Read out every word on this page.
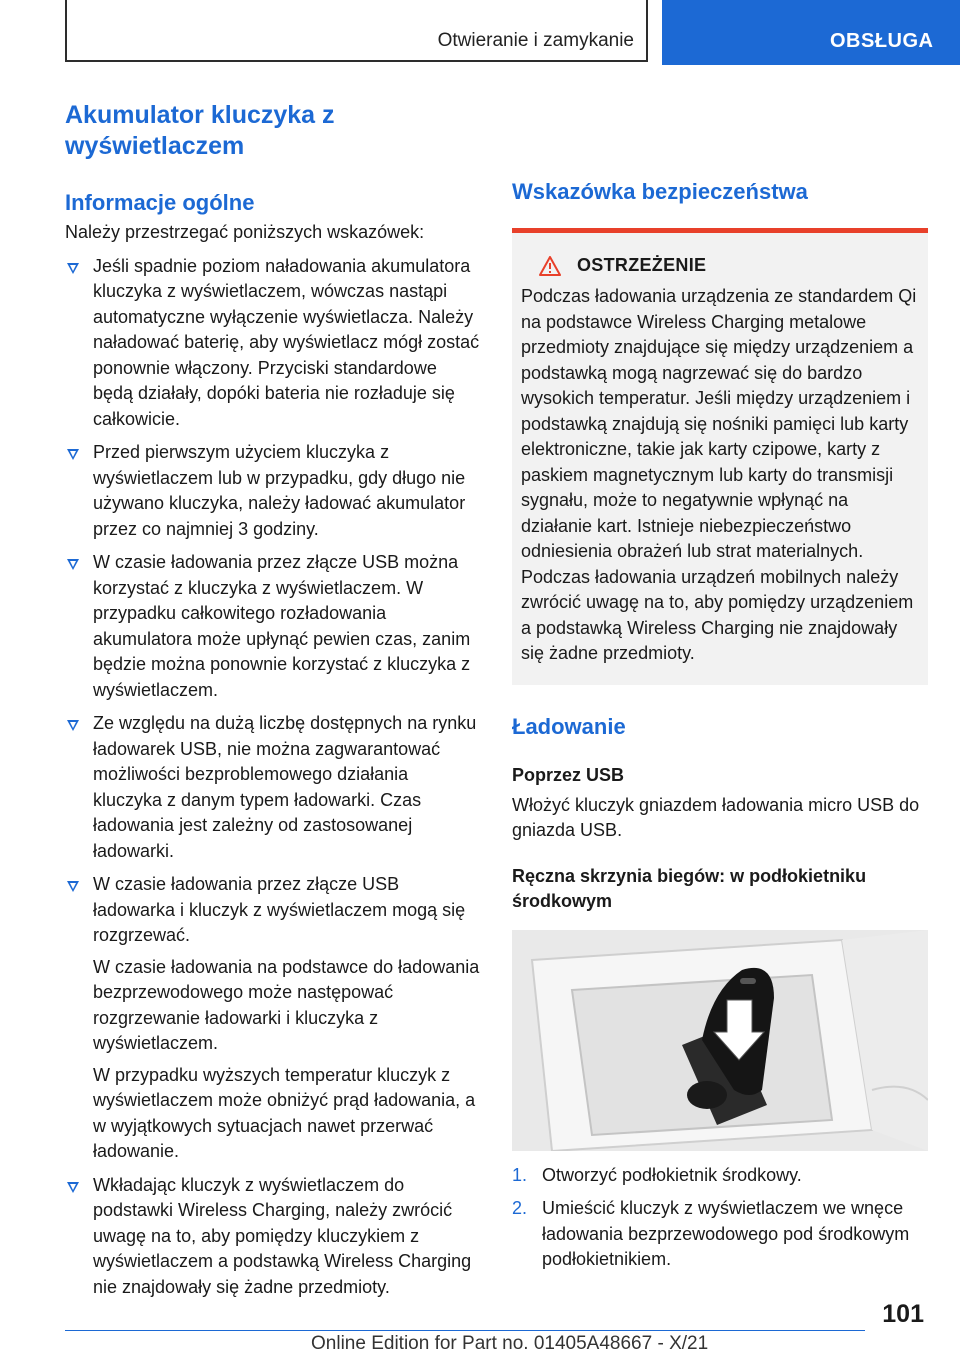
Otwieranie i zamykanie	OBSŁUGA
Akumulator kluczyka z wyświetlaczem
Informacje ogólne

Należy przestrzegać poniższych wskazówek:

Jeśli spadnie poziom naładowania akumulatora kluczyka z wyświetlaczem, wówczas nastąpi automatyczne wyłączenie wyświetlacza. Należy naładować baterię, aby wyświetlacz mógł zostać ponownie włączony. Przyciski standardowe będą działały, dopóki bateria nie rozładuje się całkowicie.
Przed pierwszym użyciem kluczyka z wyświetlaczem lub w przypadku, gdy długo nie używano kluczyka, należy ładować akumulator przez co najmniej 3 godziny.
W czasie ładowania przez złącze USB można korzystać z kluczyka z wyświetlaczem. W przypadku całkowitego rozładowania akumulatora może upłynąć pewien czas, zanim będzie można ponownie korzystać z kluczyka z wyświetlaczem.
Ze względu na dużą liczbę dostępnych na rynku ładowarek USB, nie można zagwarantować możliwości bezproblemowego działania kluczyka z danym typem ładowarki. Czas ładowania jest zależny od zastosowanej ładowarki.
W czasie ładowania przez złącze USB ładowarka i kluczyk z wyświetlaczem mogą się rozgrzewać.
W czasie ładowania na podstawce do ładowania bezprzewodowego może następować rozgrzewanie ładowarki i kluczyka z wyświetlaczem.
W przypadku wyższych temperatur kluczyk z wyświetlaczem może obniżyć prąd ładowania, a w wyjątkowych sytuacjach nawet przerwać ładowanie.
Wkładając kluczyk z wyświetlaczem do podstawki Wireless Charging, należy zwrócić uwagę na to, aby pomiędzy kluczykiem z wyświetlaczem a podstawką Wireless Charging nie znajdowały się żadne przedmioty.
Wskazówka bezpieczeństwa
OSTRZEŻENIE

Podczas ładowania urządzenia ze standardem Qi na podstawce Wireless Charging metalowe przedmioty znajdujące się między urządzeniem a podstawką mogą nagrzewać się do bardzo wysokich temperatur. Jeśli między urządzeniem i podstawką znajdują się nośniki pamięci lub karty elektroniczne, takie jak karty czipowe, karty z paskiem magnetycznym lub karty do transmisji sygnału, może to negatywnie wpłynąć na działanie kart. Istnieje niebezpieczeństwo odniesienia obrażeń lub strat materialnych. Podczas ładowania urządzeń mobilnych należy zwrócić uwagę na to, aby pomiędzy urządzeniem a podstawką Wireless Charging nie znajdowały się żadne przedmioty.

Ładowanie
Poprzez USB

Włożyć kluczyk gniazdem ładowania micro USB do gniazda USB.

Ręczna skrzynia biegów: w podłokietniku środkowym
1. Otworzyć podłokietnik środkowy.
2. Umieścić kluczyk z wyświetlaczem we wnęce ładowania bezprzewodowego pod środkowym podłokietnikiem.
101
Online Edition for Part no. 01405A48667 - X/21
